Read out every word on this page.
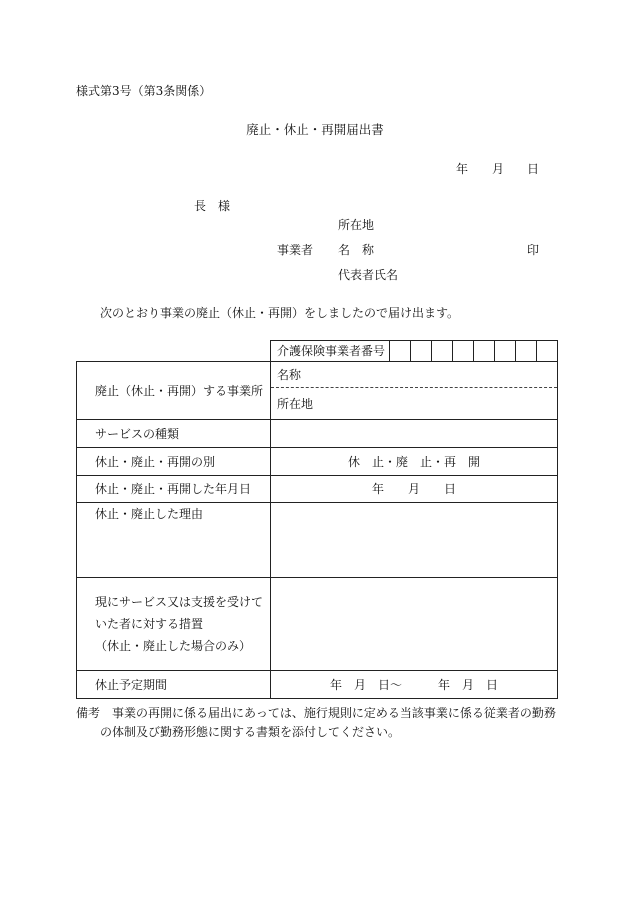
様式第3号（第3条関係）
廃止・休止・再開届出書
年 月 日
長　様
所在地
事業者 名　称	印
代表者氏名
次のとおり事業の廃止（休止・再開）をしましたので届け出ます。

介護保険事業者番号

廃止（休止・再開）する事業所	名称
所在地

サービスの種類	
休止・廃止・再開の別	休　止・廃　止・再　開
休止・廃止・再開した年月日	年　　月　　日
休止・廃止した理由	

現にサービス又は支援を受けて

いた者に対する措置

（休止・廃止した場合のみ）	

休止予定期間	年　月　日～　　　年　月　日
備考　事業の再開に係る届出にあっては、施行規則に定める当該事業に係る従業者の勤務
の体制及び勤務形態に関する書類を添付してください。
